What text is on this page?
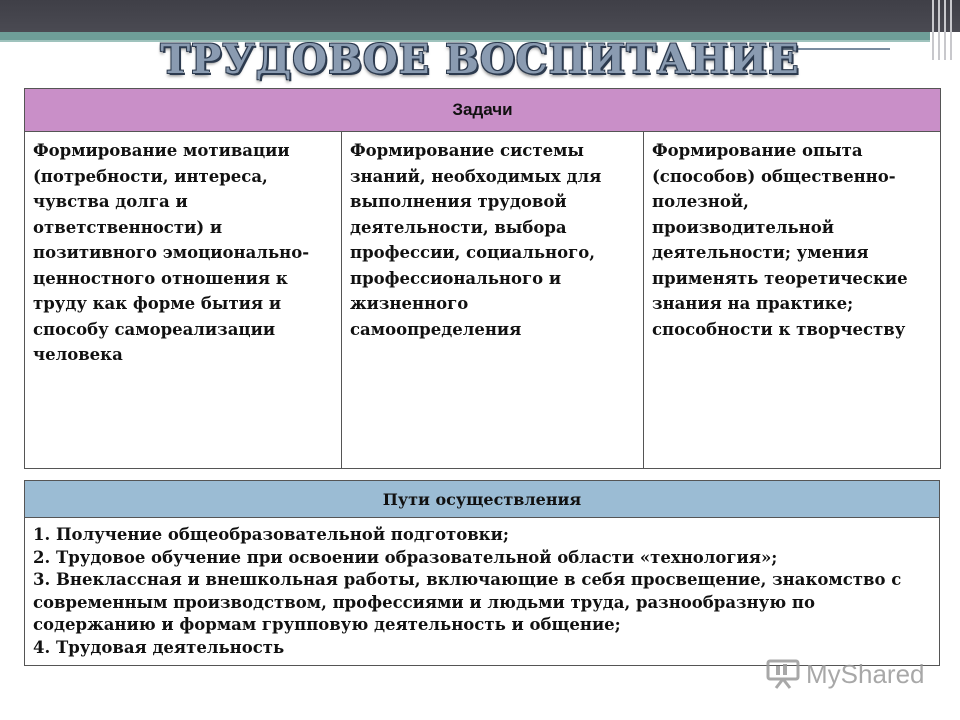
ТРУДОВОЕ ВОСПИТАНИЕ
Задачи
Формирование мотивации (потребности, интереса, чувства долга и ответственности) и позитивного эмоционально-ценностного отношения к труду как форме бытия и способу самореализации человека	Формирование системы знаний, необходимых для выполнения трудовой деятельности, выбора профессии, социального, профессионального и жизненного самоопределения	Формирование опыта (способов) общественно-полезной, производительной деятельности; умения применять теоретические знания на практике; способности к творчеству
Пути осуществления

1. Получение общеобразовательной подготовки;
2. Трудовое обучение при освоении образовательной области «технология»;
3. Внеклассная и внешкольная работы, включающие в себя просвещение, знакомство с современным производством, профессиями и людьми труда, разнообразную по содержанию и формам групповую деятельность и общение;
4. Трудовая деятельность
MyShared
